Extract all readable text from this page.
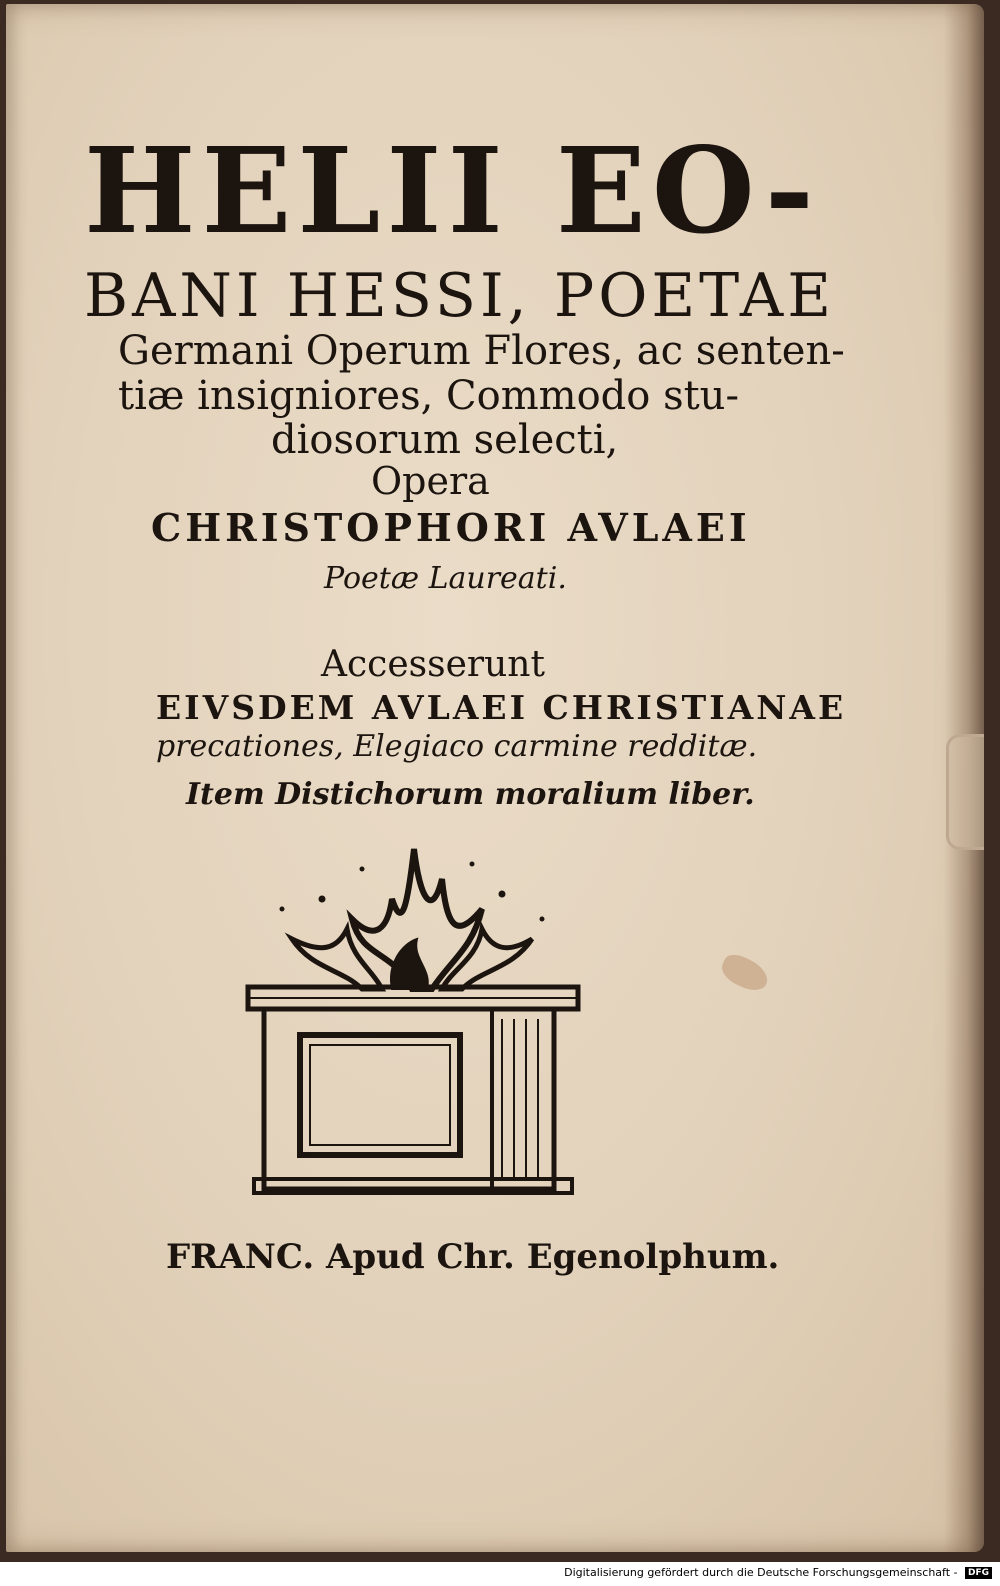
HELII EO-
BANI HESSI, POETAE
Germani Operum Flores, ac senten-
tiæ insigniores, Commodo stu-
diosorum selecti,
Opera
CHRISTOPHORI AVLAEI
Poetæ Laureati.
Accesserunt
EIVSDEM AVLAEI CHRISTIANAE
precationes, Elegiaco carmine redditæ.
Item Distichorum moralium liber.
FRANC. Apud Chr. Egenolphum.
Digitalisierung gefördert durch die Deutsche Forschungsgemeinschaft - DFG
